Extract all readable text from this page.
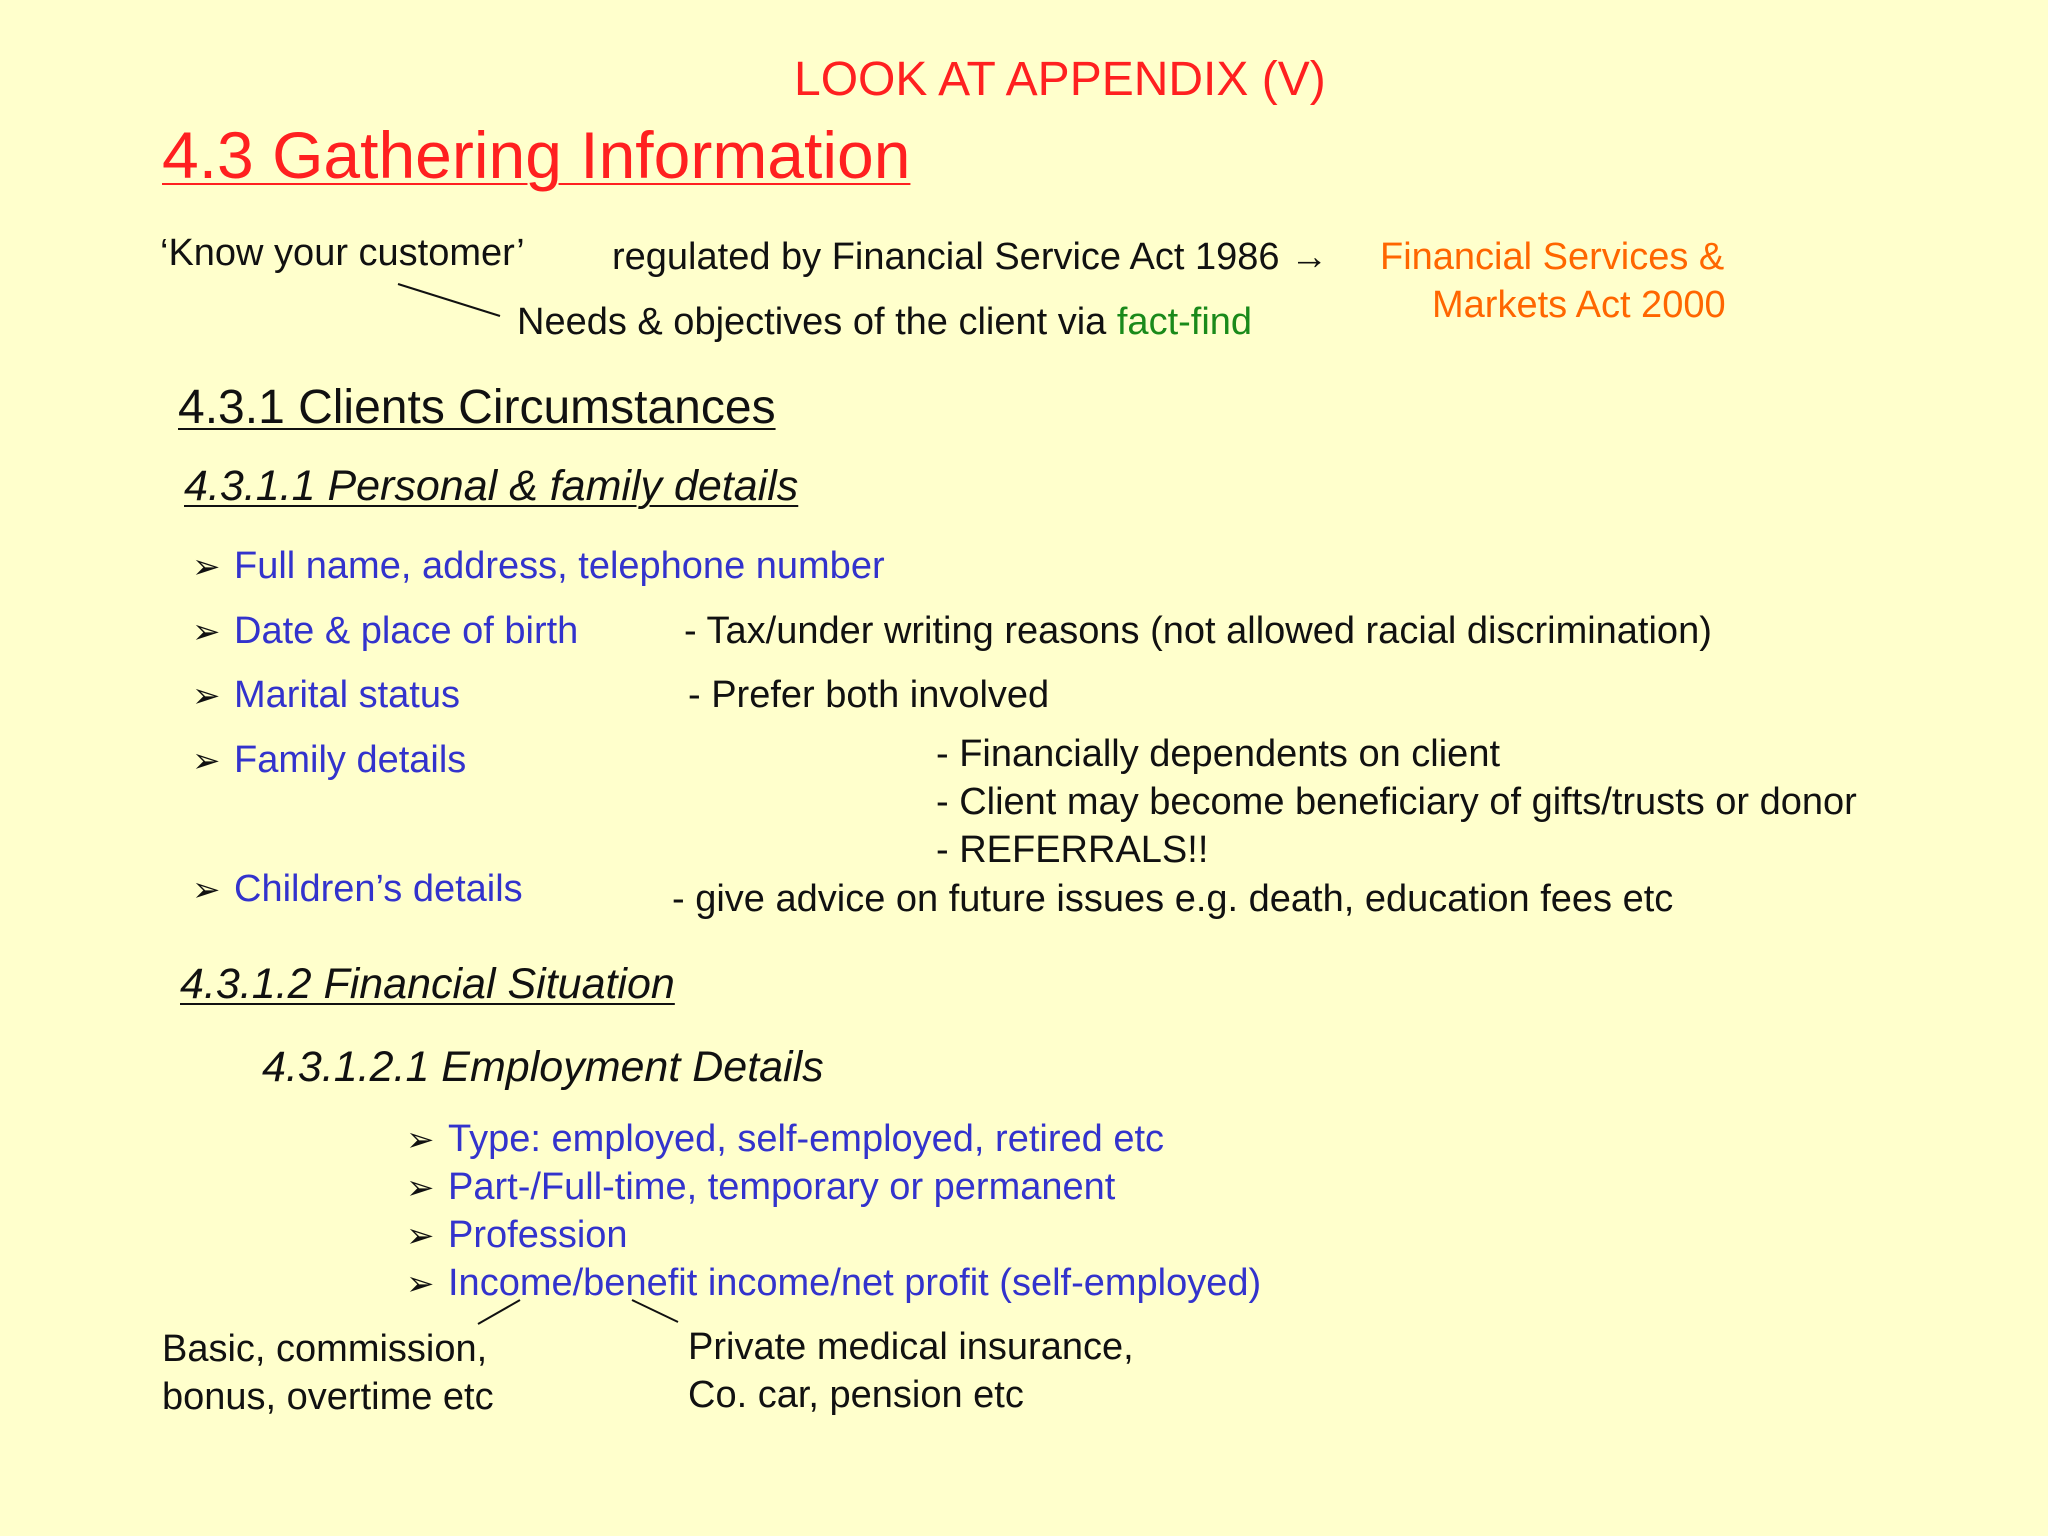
LOOK AT APPENDIX (V)
4.3 Gathering Information
‘Know your customer’ regulated by Financial Service Act 1986 → Financial Services &
Markets Act 2000
Needs & objectives of the client via fact-find
4.3.1 Clients Circumstances
4.3.1.1 Personal & family details
➢ Full name, address, telephone number
➢ Date & place of birth	- Tax/under writing reasons (not allowed racial discrimination)
➢ Marital status	- Prefer both involved
➢ Family details	- Financially dependents on client
- Client may become beneficiary of gifts/trusts or donor
- REFERRALS!!
➢ Children’s details	- give advice on future issues e.g. death, education fees etc
4.3.1.2 Financial Situation
4.3.1.2.1 Employment Details
➢ Type: employed, self-employed, retired etc
➢ Part-/Full-time, temporary or permanent
➢ Profession
➢ Income/benefit income/net profit (self-employed)
Basic, commission,
bonus, overtime etc
Private medical insurance,
Co. car, pension etc
